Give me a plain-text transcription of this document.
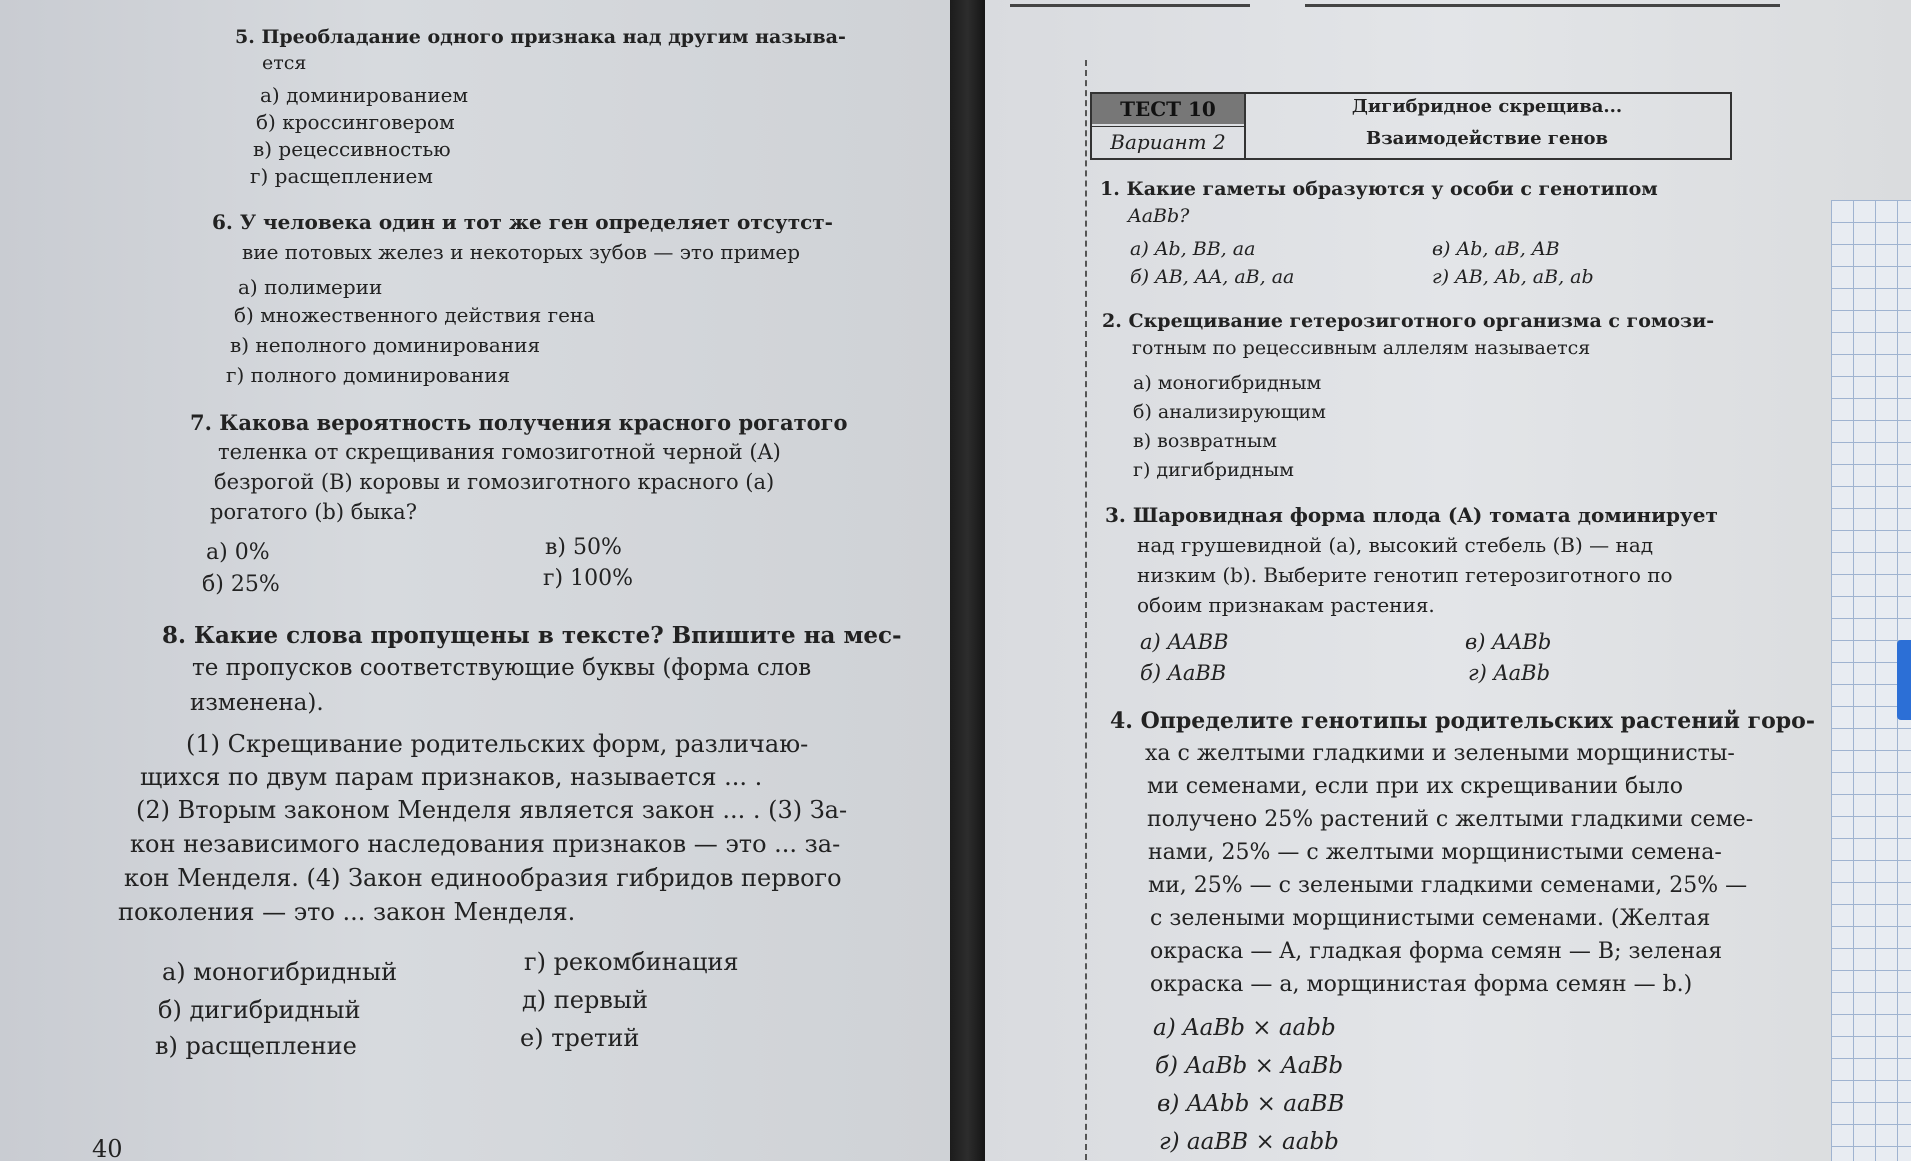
5. Преобладание одного признака над другим называ-
ется
а) доминированием
б) кроссинговером
в) рецессивностью
г) расщеплением
6. У человека один и тот же ген определяет отсутст-
вие потовых желез и некоторых зубов — это пример
а) полимерии
б) множественного действия гена
в) неполного доминирования
г) полного доминирования
7. Какова вероятность получения красного рогатого
теленка от скрещивания гомозиготной черной (A)
безрогой (B) коровы и гомозиготного красного (a)
рогатого (b) быка?
а) 0%
б) 25%
в) 50%
г) 100%
8. Какие слова пропущены в тексте? Впишите на мес-
те пропусков соответствующие буквы (форма слов
изменена).
(1) Скрещивание родительских форм, различаю-
щихся по двум парам признаков, называется ... .
(2) Вторым законом Менделя является закон ... . (3) За-
кон независимого наследования признаков — это ... за-
кон Менделя. (4) Закон единообразия гибридов первого
поколения — это ... закон Менделя.
а) моногибридный
б) дигибридный
в) расщепление
г) рекомбинация
д) первый
е) третий
40
ТЕСТ 10
Вариант 2
Дигибридное скрещива...
Взаимодействие генов
1. Какие гаметы образуются у особи с генотипом
AaBb?
а) Ab, BB, aa
б) AB, AA, aB, aa
в) Ab, aB, AB
г) AB, Ab, aB, ab
2. Скрещивание гетерозиготного организма с гомози-
готным по рецессивным аллелям называется
а) моногибридным
б) анализирующим
в) возвратным
г) дигибридным
3. Шаровидная форма плода (A) томата доминирует
над грушевидной (a), высокий стебель (B) — над
низким (b). Выберите генотип гетерозиготного по
обоим признакам растения.
а) AABB
б) AaBB
в) AABb
г) AaBb
4. Определите генотипы родительских растений горо-
ха с желтыми гладкими и зелеными морщинисты-
ми семенами, если при их скрещивании было
получено 25% растений с желтыми гладкими семе-
нами, 25% — с желтыми морщинистыми семена-
ми, 25% — с зелеными гладкими семенами, 25% —
с зелеными морщинистыми семенами. (Желтая
окраска — A, гладкая форма семян — B; зеленая
окраска — a, морщинистая форма семян — b.)
а) AaBb × aabb
б) AaBb × AaBb
в) AAbb × aaBB
г) aaBB × aabb
